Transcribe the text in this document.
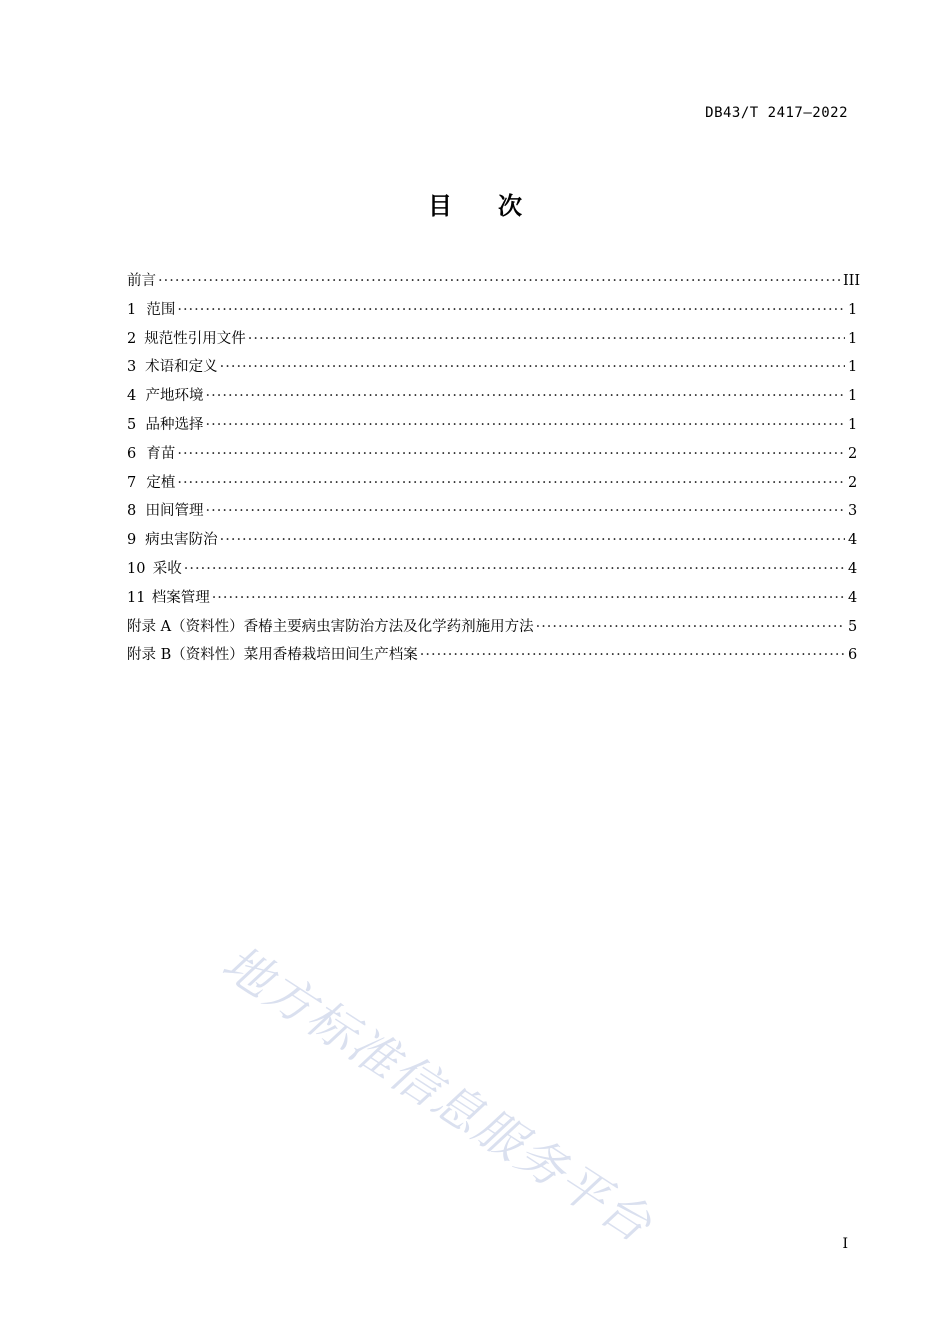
DB43/T 2417—2022
目 次
前言 ·····	III
1 范围 ·····	1
2 规范性引用文件 ·····	1
3 术语和定义 ·····	1
4 产地环境 ·····	1
5 品种选择 ·····	1
6 育苗 ·····	2
7 定植 ·····	2
8 田间管理 ·····	3
9 病虫害防治 ·····	4
10 采收 ·····	4
11 档案管理 ·····	4
附录 A（资料性） 香椿主要病虫害防治方法及化学药剂施用方法 ·····	5
附录 B（资料性） 菜用香椿栽培田间生产档案 ·····	6
地方标准信息服务平台	I
